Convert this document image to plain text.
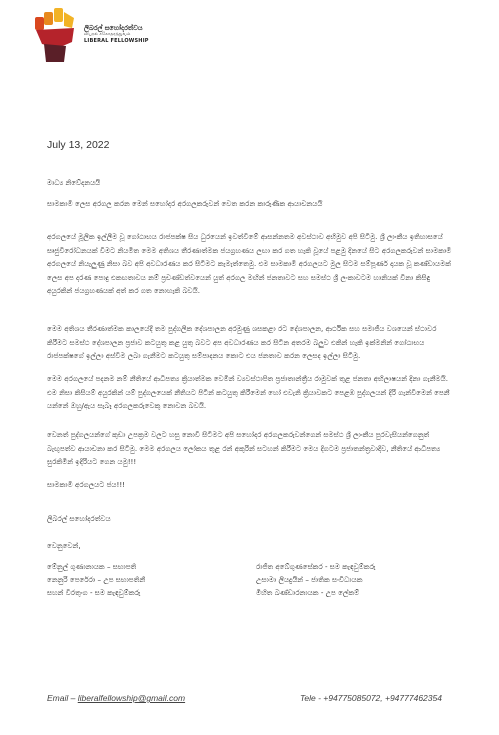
ලිබරල් සහෝදරත්වය
லிபரல் சகோதரத்துவம்
LIBERAL FELLOWSHIP
July 13, 2022
මාධ්‍ය නිවේදනයයි
සාමකාමී ලෙස අරගල කරන මෙන් සහෝදර අරගලකරුවන් වෙත කරන කාරුණික ආයාචනයයි
අරගලයේ මූලික ඉල්ලීම වූ ගෝඨාභය රාජපක්ෂ සිය ධුරයෙන් ඉවත්වීමේ ආසන්නතම අවස්ථාව අභිමුව අපි සිටිමු. ශ්‍රී ලාංකීය ඉතිහාසයේ සෘජුවිරෝධනයක් වීමට නියමිත මෙම අතිශය තීරණාත්මක ජයග්‍රහණය ලඟා කර ගත හැකි වූයේ පළමු දිනයේ සිට අරගලකරුවන් සාමකාමී අරගලයේ නියැලුණු නිසා බව අපි අවධාරණය කර සිටිමට කැමැත්තෙමු. එම සාමකාමී අරගලයට මුල සිටම සම්පූර්ණ දායක වූ කණ්ඩායමක් ලෙස අප දරණ පොදු එකඟතාවය නම් ප්‍රචණ්ඩත්වයෙන් යුත් අරගල මඟින් ජනතාවට සහ සමස්ථ ශ්‍රී ලංකාවටම හානියක් විනා කිසිඳු අයුරකින් ජයග්‍රහණයක් අත් කර ගත නොහැකි බවයි.
මෙම අතිශය තීරණාත්මක කාලයේදී තම පුද්ගලික දේශපාලන අරමුණු ශසකළා රට දේශපාලන, ආර්ථික සහ සමාජීය වශයෙන් ස්ථාවර කිරීමට සමස්ථ දේශපාලන ප්‍රජාව කටයුතු කළ යුතු බවට අප අවධාරණය කර සිටින අතරම බලුව එකින් හැකි ඉක්මනින් ගෝඨාභය රාජපක්ෂගේ ඉල්ලා අස්වීම ලබා ගැනීමට කටයුතු සම්පාදනය කොට එය ජනතාව කරන ලෙසද ඉල්ලා සිටිමු.
මෙම අරගලයේ පදනම නම් නීතියේ ආධිපත්‍ය ක්‍රියාත්මක වෙමින් ව්‍යවස්ථාපිත ප්‍රජාතාන්ත්‍රීය රාමුවක් තුළ ජනතා අභිලාෂයන් දිනා ගැනීමයි. එම නිසා කිසියම් අයුරකින් යම් පුද්ගලයෙක් නීතියට පිටින් කටයුතු කිරීමෙන් හෝ එවැනි ක්‍රියාවකට පෙළඹ පුද්ගලයන් දිරි ගැන්වීමෙන් පෙනී යන්නේ ඔහු/ඇය සැබෑ අරගලකරුවෙකු නොවන බවයි.
වෙනත් පුද්ගලයන්ගේ කුඩා උපක්‍රම වලට හසු නොවී සිටීමට අපි සහෝදර අරගලකරුවන්ගෙන් සමස්ථ ශ්‍රී ලාංකීය පුරවැසියන්ගෙනුත් බැඟුපත්ව ආයාචනා කර සිටිමු. මෙම අරගලය ලෝකය තුළ රන් අකුරින් සටහන් කිරීමට මෙය දිගටම ප්‍රජාතන්ත්‍රවාදීව, නීතියේ ආධිපත්‍ය සුරකිමින් ඉදිරියට ගෙන යමු!!!
සාමකාමී අරගලයට ජය!!!
ලිබරල් සහෝදරත්වය
වෙනුවෙන්,
මේනුල් ගුණානායක – සභාපති
නෙනුරි පෙරේරා – උප සභාපතිනී
සහන් වීරතුංග - සම කැඳවුම්කරු
රාජිත අබේගුණසේකර - සම කැඳවුම්කරු
උසාමා ලියදුයීන් – ජාතික සංවිධායක
මිහිත බණ්ඩාරනායක - උප ලේකම්
Email – liberalfellowship@gmail.com	Tele - +94775085072, +94777462354
